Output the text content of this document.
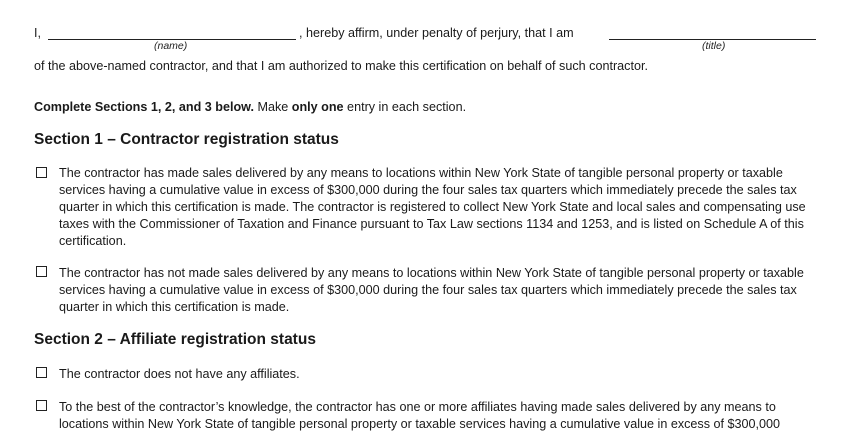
I,	, hereby affirm, under penalty of perjury, that I am
(name)	(title)
of the above-named contractor, and that I am authorized to make this certification on behalf of such contractor.
Complete Sections 1, 2, and 3 below. Make only one entry in each section.
Section 1 – Contractor registration status
The contractor has made sales delivered by any means to locations within New York State of tangible personal property or taxable
services having a cumulative value in excess of $300,000 during the four sales tax quarters which immediately precede the sales tax
quarter in which this certification is made. The contractor is registered to collect New York State and local sales and compensating use
taxes with the Commissioner of Taxation and Finance pursuant to Tax Law sections 1134 and 1253, and is listed on Schedule A of this
certification.
The contractor has not made sales delivered by any means to locations within New York State of tangible personal property or taxable
services having a cumulative value in excess of $300,000 during the four sales tax quarters which immediately precede the sales tax
quarter in which this certification is made.
Section 2 – Affiliate registration status
The contractor does not have any affiliates.
To the best of the contractor’s knowledge, the contractor has one or more affiliates having made sales delivered by any means to
locations within New York State of tangible personal property or taxable services having a cumulative value in excess of $300,000
